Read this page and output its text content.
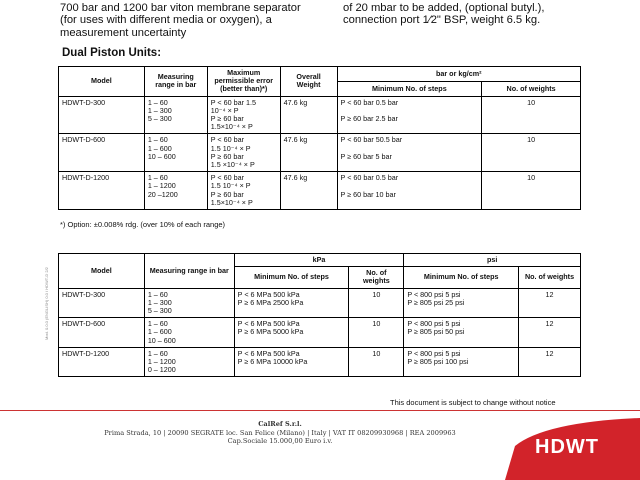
700 bar and 1200 bar viton membrane separator (for uses with different media or oxygen), a measurement uncertainty
of 20 mbar to be added, (optional butyl.), connection port 1⁄2" BSP, weight 6.5 kg.
Dual Piston Units:
Model	Measuring range in bar	Maximum permissible error
(better than)*)	Overall Weight	bar or kg/cm²	
				Minimum No. of steps	No. of weights
HDWT-D-300	1 – 60
1 – 300
5 – 300	P < 60 bar 1.5
10⁻⁴ × P
P ≥ 60 bar
1.5×10⁻⁴ × P	47.6 kg	P < 60 bar 0.5 bar

P ≥ 60 bar 2.5 bar	10
HDWT-D-600	1 – 60
1 – 600
10 – 600	P < 60 bar
1.5 10⁻⁴ × P
P ≥ 60 bar
1.5 ×10⁻⁴ × P	47.6 kg	P < 60 bar 50.5 bar

P ≥ 60 bar 5 bar	10
HDWT-D-1200	1 – 60
1 – 1200
20 –1200	P < 60 bar
1.5 10⁻⁴ × P
P ≥ 60 bar
1.5×10⁻⁴ × P	47.6 kg	P < 60 bar 0.5 bar

P ≥ 60 bar 10 bar	10
*) Option: ±0.008% rdg. (over 10% of each range)
Model	Measuring range in bar	kPa		psi	
		Minimum No. of steps	No. of weights	Minimum No. of steps	No. of weights
HDWT-D-300	1 – 60
1 – 300
5 – 300	P < 6 MPa 500 kPa
P ≥ 6 MPa 2500 kPa	10	P < 800 psi 5 psi
P ≥ 805 psi 25 psi	12
HDWT-D-600	1 – 60
1 – 600
10 – 600	P < 6 MPa 500 kPa
P ≥ 6 MPa 5000 kPa	10	P < 800 psi 5 psi
P ≥ 805 psi 50 psi	12
HDWT-D-1200	1 – 60
1 – 1200
0 – 1200	P < 6 MPa 500 kPa
P ≥ 6 MPa 10000 kPa	10	P < 800 psi 5 psi
P ≥ 805 psi 100 psi	12
Mod. 0.0.0 (ENGLISH) 0.0 / HDWT-D 2/2
This document is subject to change without notice
CalRef S.r.l.
Prima Strada, 10 | 20090 SEGRATE loc. San Felice (Milano) | Italy | VAT IT 08209930968 | REA 2009963
Cap.Sociale 15.000,00 Euro i.v.	HDWT
